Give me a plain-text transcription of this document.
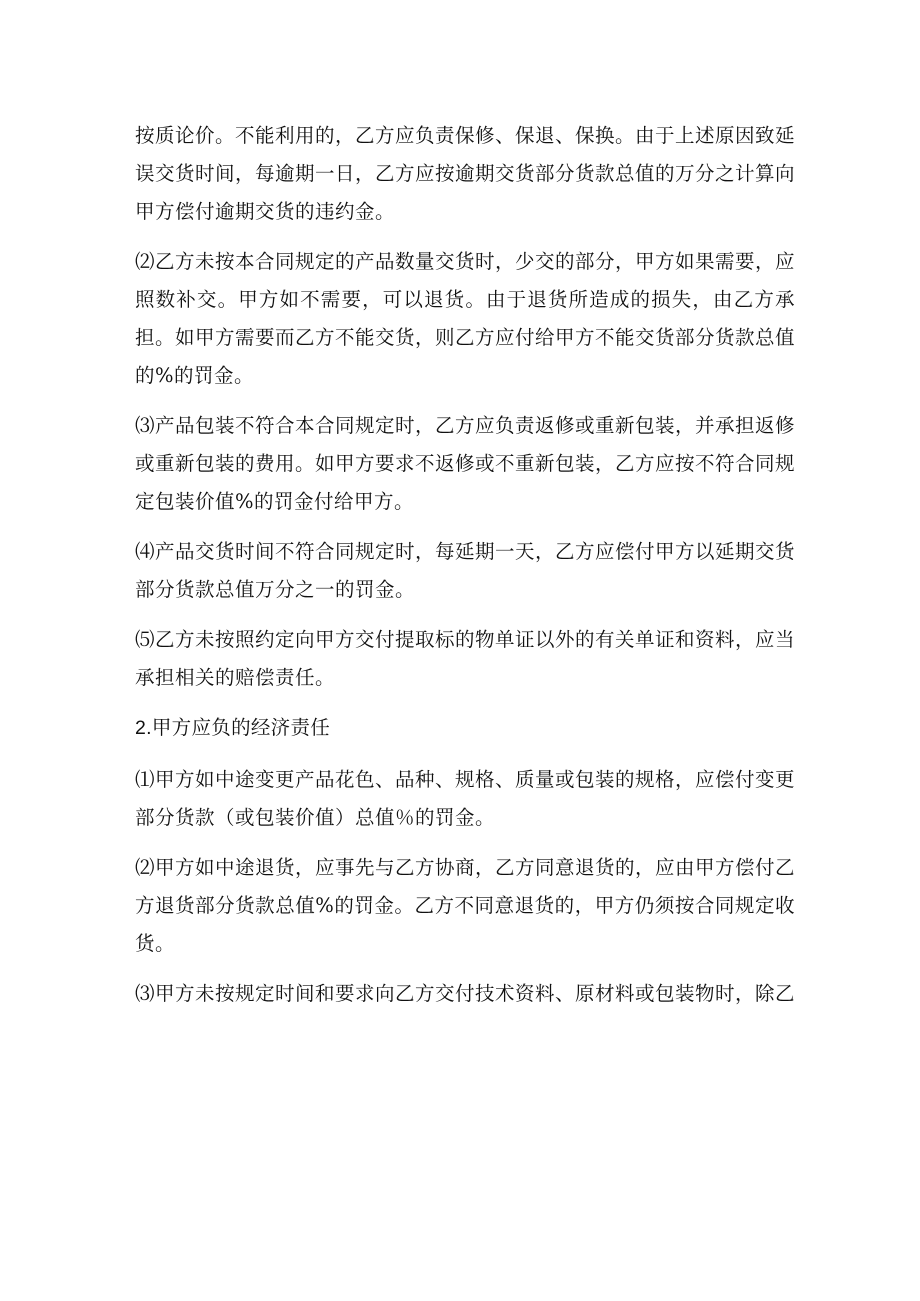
按质论价。不能利用的，乙方应负责保修、保退、保换。由于上述原因致延误交货时间，每逾期一日，乙方应按逾期交货部分货款总值的万分之计算向甲方偿付逾期交货的违约金。

⑵乙方未按本合同规定的产品数量交货时，少交的部分，甲方如果需要，应照数补交。甲方如不需要，可以退货。由于退货所造成的损失，由乙方承担。如甲方需要而乙方不能交货，则乙方应付给甲方不能交货部分货款总值的%的罚金。

⑶产品包装不符合本合同规定时，乙方应负责返修或重新包装，并承担返修或重新包装的费用。如甲方要求不返修或不重新包装，乙方应按不符合同规定包装价值%的罚金付给甲方。

⑷产品交货时间不符合同规定时，每延期一天，乙方应偿付甲方以延期交货部分货款总值万分之一的罚金。

⑸乙方未按照约定向甲方交付提取标的物单证以外的有关单证和资料，应当承担相关的赔偿责任。

2.甲方应负的经济责任

⑴甲方如中途变更产品花色、品种、规格、质量或包装的规格，应偿付变更部分货款（或包装价值）总值％的罚金。

⑵甲方如中途退货，应事先与乙方协商，乙方同意退货的，应由甲方偿付乙方退货部分货款总值%的罚金。乙方不同意退货的，甲方仍须按合同规定收货。

⑶甲方未按规定时间和要求向乙方交付技术资料、原材料或包装物时，除乙
